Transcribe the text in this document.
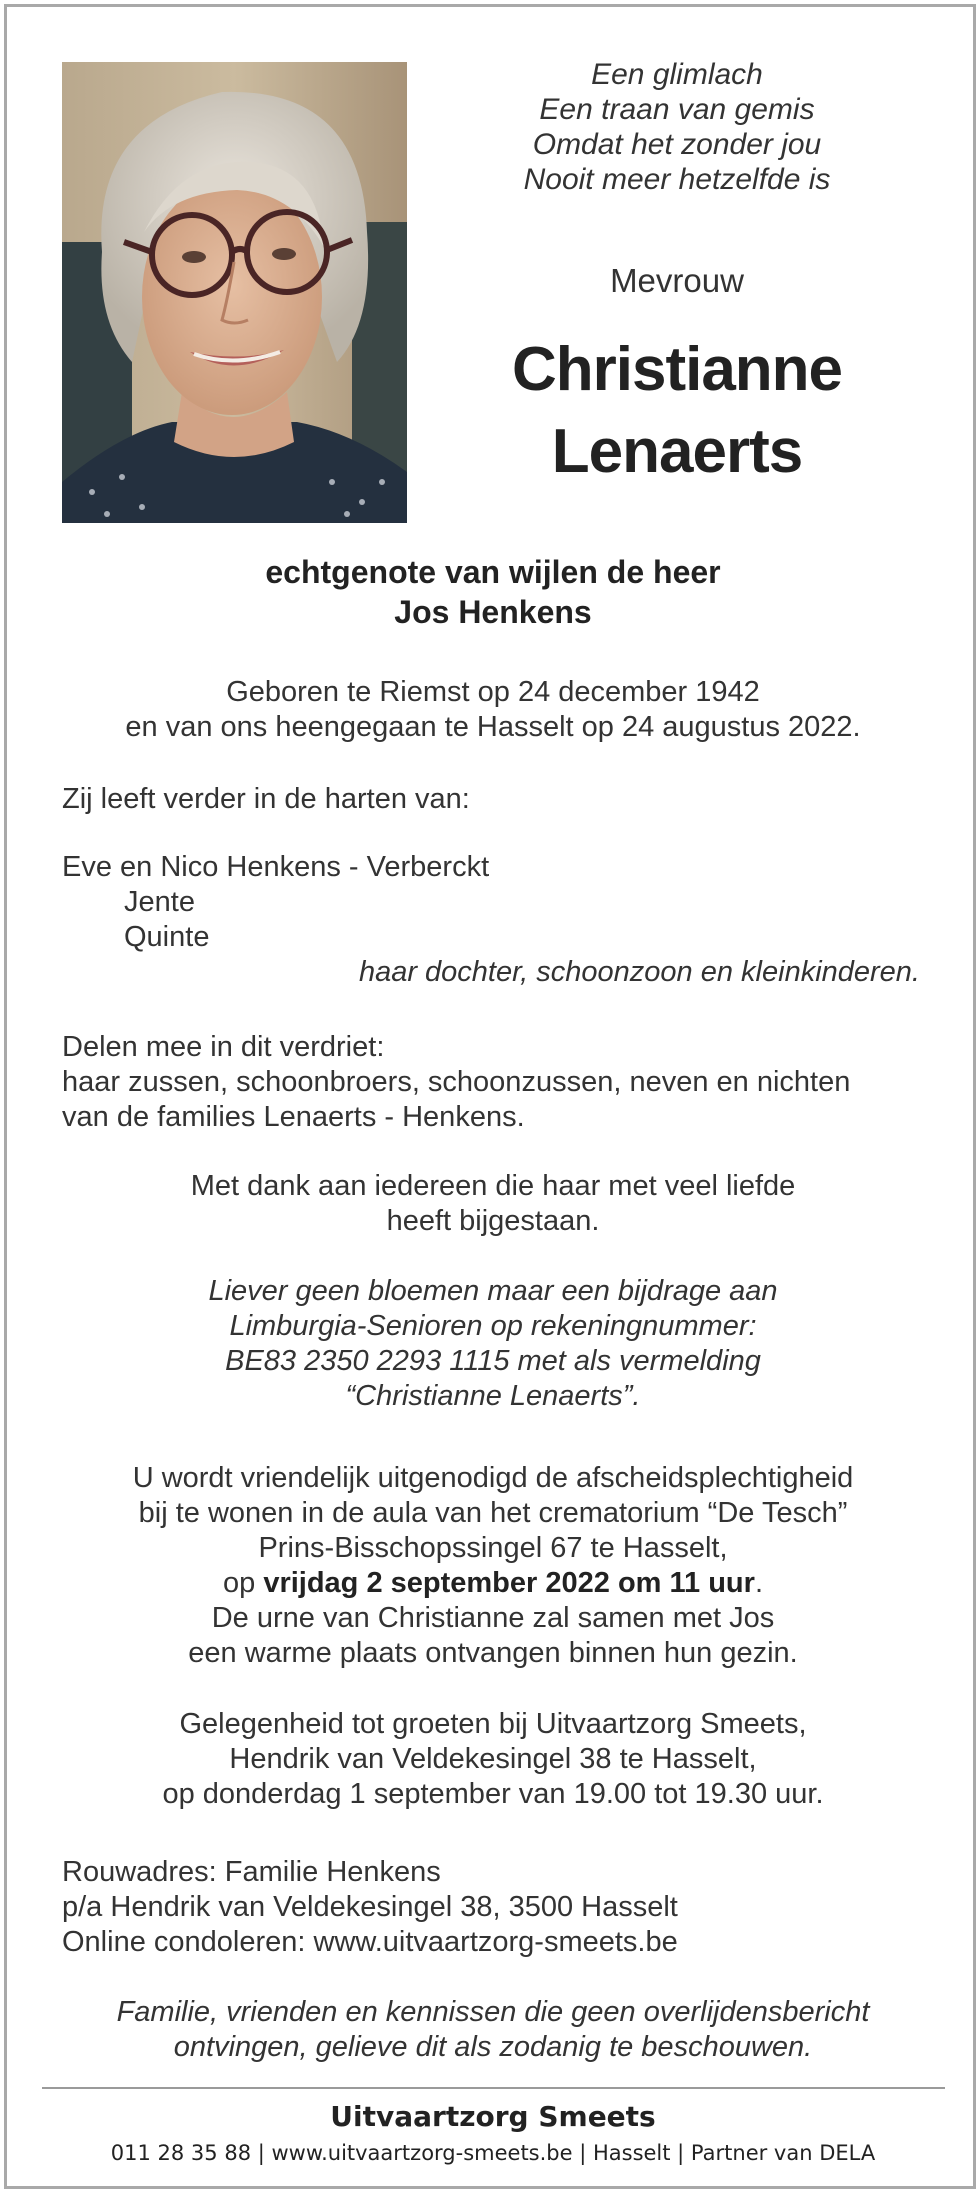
Een glimlach
Een traan van gemis
Omdat het zonder jou
Nooit meer hetzelfde is
Mevrouw
Christianne
Lenaerts
echtgenote van wijlen de heer
Jos Henkens
Geboren te Riemst op 24 december 1942
en van ons heengegaan te Hasselt op 24 augustus 2022.
Zij leeft verder in de harten van:
Eve en Nico Henkens - Verberckt
Jente
Quinte
haar dochter, schoonzoon en kleinkinderen.
Delen mee in dit verdriet:
haar zussen, schoonbroers, schoonzussen, neven en nichten
van de families Lenaerts - Henkens.
Met dank aan iedereen die haar met veel liefde
heeft bijgestaan.
Liever geen bloemen maar een bijdrage aan
Limburgia-Senioren op rekeningnummer:
BE83 2350 2293 1115 met als vermelding
“Christianne Lenaerts”.
U wordt vriendelijk uitgenodigd de afscheidsplechtigheid
bij te wonen in de aula van het crematorium “De Tesch”
Prins-Bisschopssingel 67 te Hasselt,
op vrijdag 2 september 2022 om 11 uur.
De urne van Christianne zal samen met Jos
een warme plaats ontvangen binnen hun gezin.
Gelegenheid tot groeten bij Uitvaartzorg Smeets,
Hendrik van Veldekesingel 38 te Hasselt,
op donderdag 1 september van 19.00 tot 19.30 uur.
Rouwadres: Familie Henkens
p/a Hendrik van Veldekesingel 38, 3500 Hasselt
Online condoleren: www.uitvaartzorg-smeets.be
Familie, vrienden en kennissen die geen overlijdensbericht
ontvingen, gelieve dit als zodanig te beschouwen.
Uitvaartzorg Smeets
011 28 35 88 | www.uitvaartzorg-smeets.be | Hasselt | Partner van DELA
